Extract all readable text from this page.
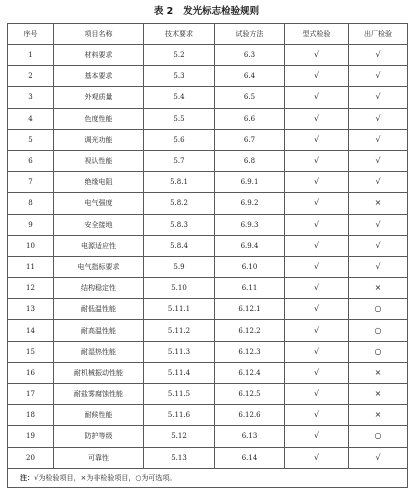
表 2   发光标志检验规则
序号	项目名称	技术要求	试验方法	型式检验	出厂检验
1	材料要求	5.2	6.3	√	√
2	基本要求	5.3	6.4	√	√
3	外观质量	5.4	6.5	√	√
4	色度性能	5.5	6.6	√	√
5	调光功能	5.6	6.7	√	√
6	视认性能	5.7	6.8	√	√
7	绝缘电阻	5.8.1	6.9.1	√	√
8	电气强度	5.8.2	6.9.2	√	×
9	安全接地	5.8.3	6.9.3	√	√
10	电源适应性	5.8.4	6.9.4	√	√
11	电气指标要求	5.9	6.10	√	√
12	结构稳定性	5.10	6.11	√	×
13	耐低温性能	5.11.1	6.12.1	√	○
14	耐高温性能	5.11.2	6.12.2	√	○
15	耐湿热性能	5.11.3	6.12.3	√	○
16	耐机械振动性能	5.11.4	6.12.4	√	×
17	耐盐雾腐蚀性能	5.11.5	6.12.5	√	×
18	耐候性能	5.11.6	6.12.6	√	×
19	防护等级	5.12	6.13	√	○
20	可靠性	5.13	6.14	√	√
注：√为检验项目，×为非检验项目，○为可选项。					
